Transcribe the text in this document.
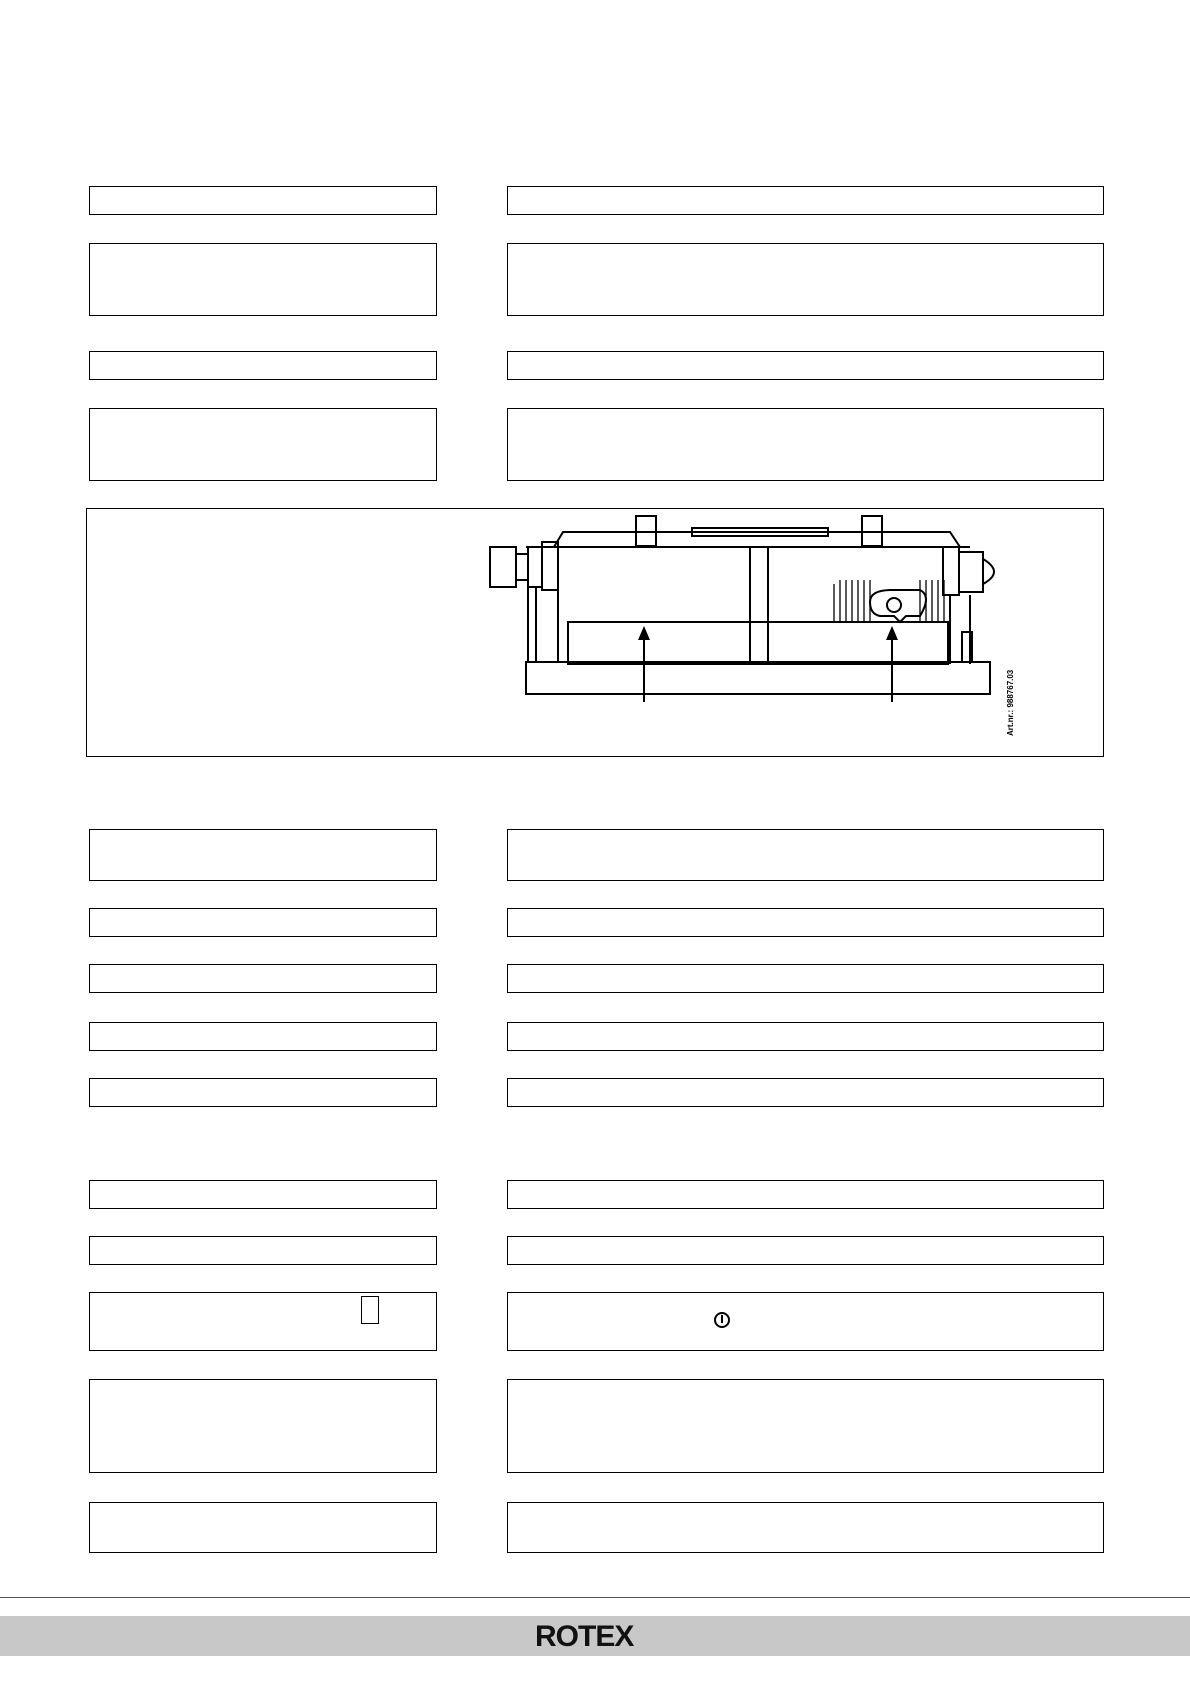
Art.nr.: 988767.03
ROTEX
